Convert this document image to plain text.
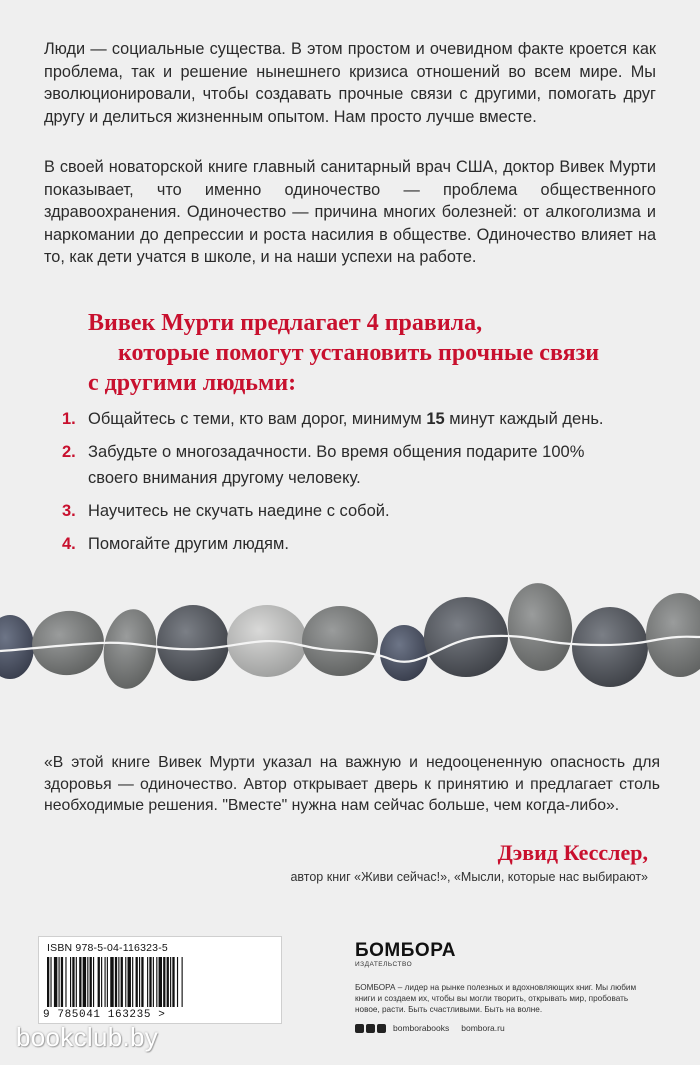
Люди — социальные существа. В этом простом и очевидном факте кроется как проблема, так и решение нынешнего кризиса отношений во всем мире. Мы эволюционировали, чтобы создавать прочные связи с другими, помогать друг другу и делиться жизненным опытом. Нам просто лучше вместе.

В своей новаторской книге главный санитарный врач США, доктор Вивек Мурти показывает, что именно одиночество — проблема общественного здравоохранения. Одиночество — причина многих болезней: от алкоголизма и наркомании до депрессии и роста насилия в обществе. Одиночество влияет на то, как дети учатся в школе, и на наши успехи на работе.

Вивек Мурти предлагает 4 правила,
которые помогут установить прочные связи
с другими людьми:
1. Общайтесь с теми, кто вам дорог, минимум 15 минут каждый день.
2. Забудьте о многозадачности. Во время общения подарите 100% своего внимания другому человеку.
3. Научитесь не скучать наедине с собой.
4. Помогайте другим людям.

«В этой книге Вивек Мурти указал на важную и недооцененную опасность для здоровья — одиночество. Автор открывает дверь к принятию и предлагает столь необходимые решения. "Вместе" нужна нам сейчас больше, чем когда-либо».

Дэвид Кесслер,
автор книг «Живи сейчас!», «Мысли, которые нас выбирают»
ISBN 978-5-04-116323-5
9 785041 163235 >
БОМБОРА
ИЗДАТЕЛЬСТВО
БОМБОРА – лидер на рынке полезных и вдохновляющих книг. Мы любим книги и создаем их, чтобы вы могли творить, открывать мир, пробовать новое, расти. Быть счастливыми. Быть на волне.
bomborabooks bombora.ru
bookclub.by
